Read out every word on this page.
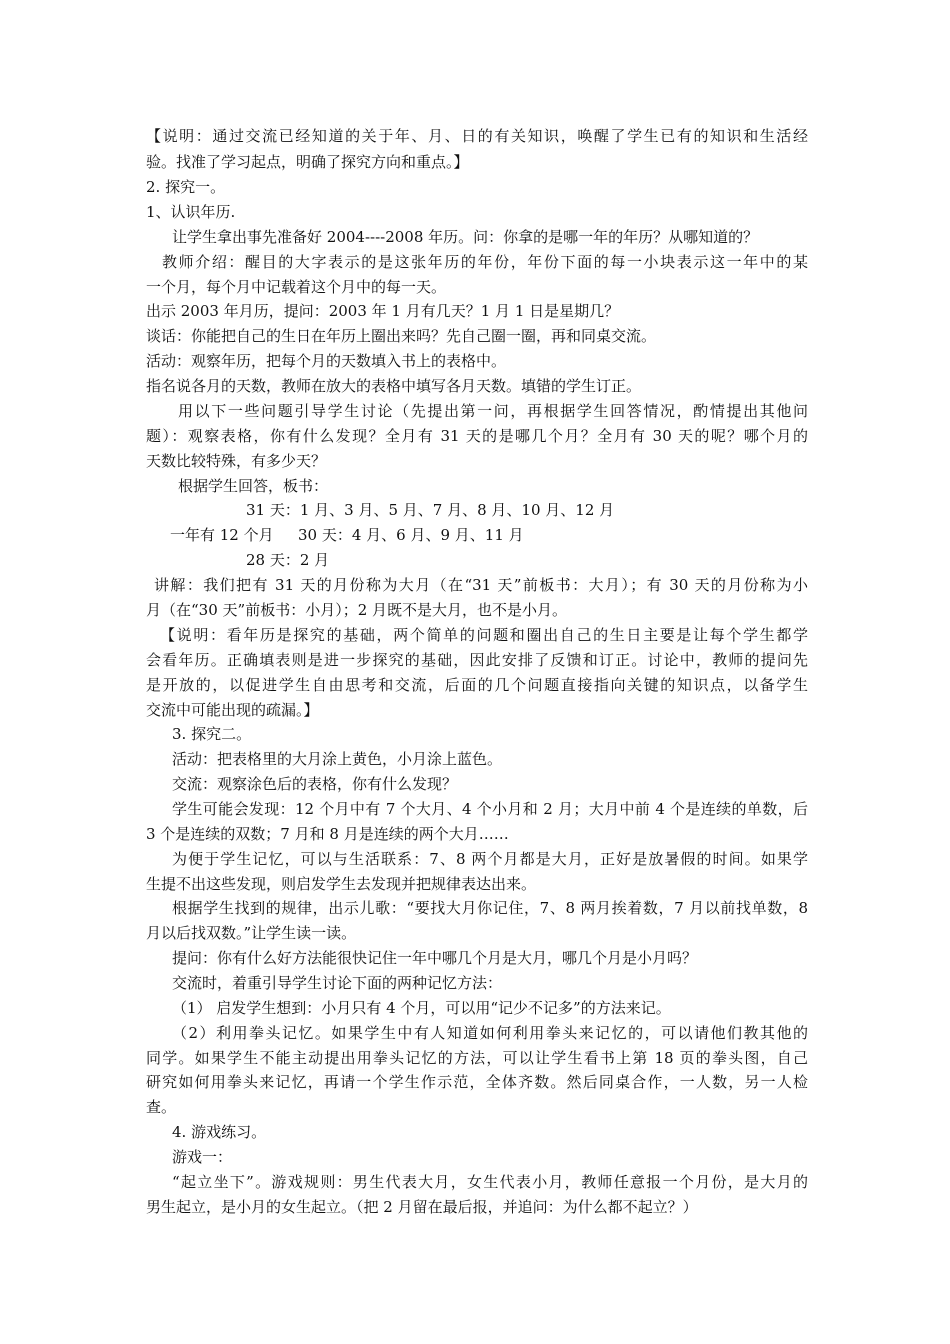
【说明：通过交流已经知道的关于年、月、日的有关知识，唤醒了学生已有的知识和生活经
验。找准了学习起点，明确了探究方向和重点。】
2. 探究一。
1、认识年历.
让学生拿出事先准备好 2004----2008 年历。问：你拿的是哪一年的年历？从哪知道的？
教师介绍：醒目的大字表示的是这张年历的年份，年份下面的每一小块表示这一年中的某
一个月，每个月中记载着这个月中的每一天。
出示 2003 年月历，提问：2003 年 1 月有几天？1 月 1 日是星期几？
谈话：你能把自己的生日在年历上圈出来吗？先自己圈一圈，再和同桌交流。
活动：观察年历，把每个月的天数填入书上的表格中。
指名说各月的天数，教师在放大的表格中填写各月天数。填错的学生订正。
用以下一些问题引导学生讨论（先提出第一问，再根据学生回答情况，酌情提出其他问
题）：观察表格，你有什么发现？全月有 31 天的是哪几个月？全月有 30 天的呢？哪个月的
天数比较特殊，有多少天？
根据学生回答，板书：
31 天：1 月、3 月、5 月、7 月、8 月、10 月、12 月
一年有 12 个月 30 天：4 月、6 月、9 月、11 月
28 天：2 月
讲解：我们把有 31 天的月份称为大月（在“31 天”前板书：大月）；有 30 天的月份称为小
月（在“30 天”前板书：小月）；2 月既不是大月，也不是小月。
【说明：看年历是探究的基础，两个简单的问题和圈出自己的生日主要是让每个学生都学
会看年历。正确填表则是进一步探究的基础，因此安排了反馈和订正。讨论中，教师的提问先
是开放的，以促进学生自由思考和交流，后面的几个问题直接指向关键的知识点，以备学生
交流中可能出现的疏漏。】
3. 探究二。
活动：把表格里的大月涂上黄色，小月涂上蓝色。
交流：观察涂色后的表格，你有什么发现？
学生可能会发现：12 个月中有 7 个大月、4 个小月和 2 月；大月中前 4 个是连续的单数，后
3 个是连续的双数；7 月和 8 月是连续的两个大月……
为便于学生记忆，可以与生活联系：7、8 两个月都是大月，正好是放暑假的时间。如果学
生提不出这些发现，则启发学生去发现并把规律表达出来。
根据学生找到的规律，出示儿歌：“要找大月你记住，7、8 两月挨着数，7 月以前找单数，8
月以后找双数。”让学生读一读。
提问：你有什么好方法能很快记住一年中哪几个月是大月，哪几个月是小月吗？
交流时，着重引导学生讨论下面的两种记忆方法：
（1） 启发学生想到：小月只有 4 个月，可以用“记少不记多”的方法来记。
（2）利用拳头记忆。如果学生中有人知道如何利用拳头来记忆的，可以请他们教其他的
同学。如果学生不能主动提出用拳头记忆的方法，可以让学生看书上第 18 页的拳头图，自己
研究如何用拳头来记忆，再请一个学生作示范，全体齐数。然后同桌合作，一人数，另一人检
查。
4. 游戏练习。
游戏一：
“起立坐下”。游戏规则：男生代表大月，女生代表小月，教师任意报一个月份，是大月的
男生起立，是小月的女生起立。（把 2 月留在最后报，并追问：为什么都不起立？）
